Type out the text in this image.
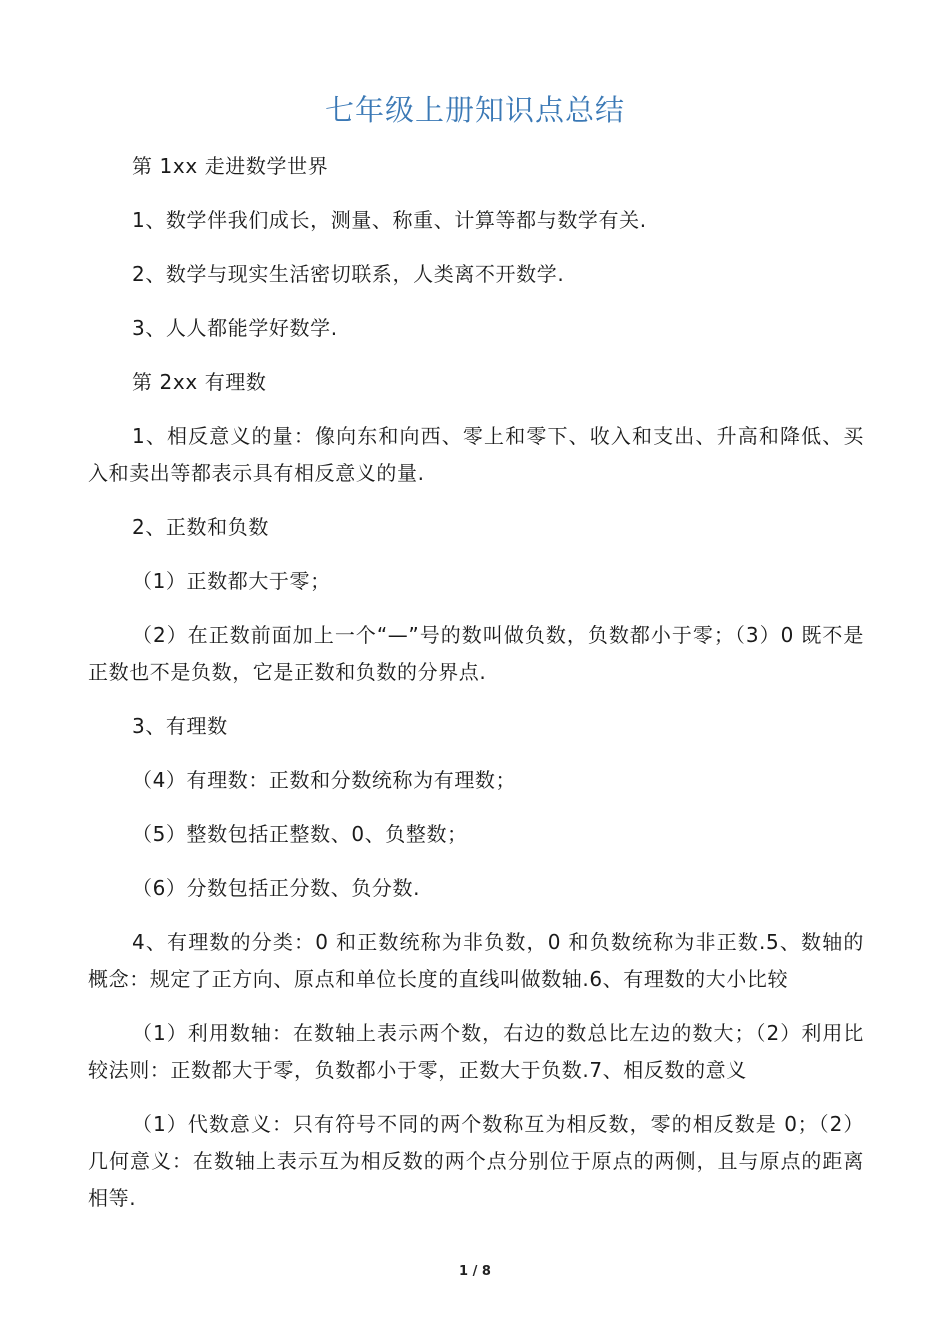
七年级上册知识点总结

第 1xx 走进数学世界

1、数学伴我们成长，测量、称重、计算等都与数学有关.

2、数学与现实生活密切联系，人类离不开数学.

3、人人都能学好数学.

第 2xx 有理数

1、相反意义的量：像向东和向西、零上和零下、收入和支出、升高和降低、买入和卖出等都表示具有相反意义的量.

2、正数和负数

（1）正数都大于零；

（2）在正数前面加上一个“—”号的数叫做负数，负数都小于零；（3）0 既不是正数也不是负数，它是正数和负数的分界点.

3、有理数

（4）有理数：正数和分数统称为有理数；

（5）整数包括正整数、0、负整数；

（6）分数包括正分数、负分数.

4、有理数的分类：0 和正数统称为非负数，0 和负数统称为非正数.5、数轴的概念：规定了正方向、原点和单位长度的直线叫做数轴.6、有理数的大小比较

（1）利用数轴：在数轴上表示两个数，右边的数总比左边的数大；（2）利用比较法则：正数都大于零，负数都小于零，正数大于负数.7、相反数的意义

（1）代数意义：只有符号不同的两个数称互为相反数，零的相反数是 0；（2）几何意义：在数轴上表示互为相反数的两个点分别位于原点的两侧，且与原点的距离相等.

1 / 8
